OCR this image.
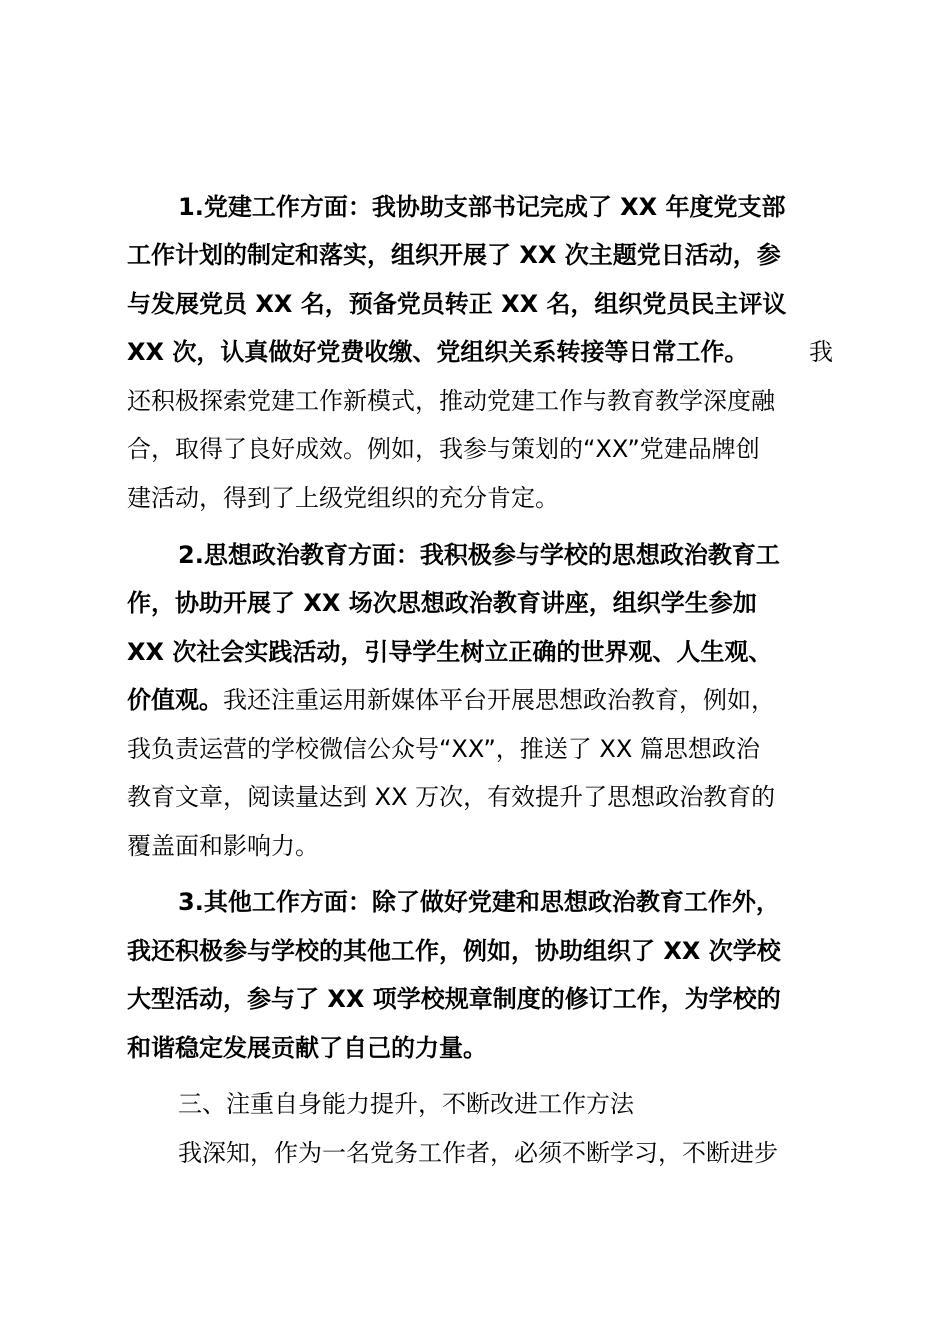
1.党建工作方面：我协助支部书记完成了 XX 年度党支部
工作计划的制定和落实，组织开展了 XX 次主题党日活动，参
与发展党员 XX 名，预备党员转正 XX 名，组织党员民主评议
XX 次，认真做好党费收缴、党组织关系转接等日常工作。	我
还积极探索党建工作新模式，推动党建工作与教育教学深度融
合，取得了良好成效。例如，我参与策划的“XX”党建品牌创
建活动，得到了上级党组织的充分肯定。
2.思想政治教育方面：我积极参与学校的思想政治教育工
作，协助开展了 XX 场次思想政治教育讲座，组织学生参加
XX 次社会实践活动，引导学生树立正确的世界观、人生观、
价值观。我还注重运用新媒体平台开展思想政治教育，例如，
我负责运营的学校微信公众号“XX”，推送了 XX 篇思想政治
教育文章，阅读量达到 XX 万次，有效提升了思想政治教育的
覆盖面和影响力。
3.其他工作方面：除了做好党建和思想政治教育工作外，
我还积极参与学校的其他工作，例如，协助组织了 XX 次学校
大型活动，参与了 XX 项学校规章制度的修订工作，为学校的
和谐稳定发展贡献了自己的力量。
三、注重自身能力提升，不断改进工作方法
我深知，作为一名党务工作者，必须不断学习，不断进步
